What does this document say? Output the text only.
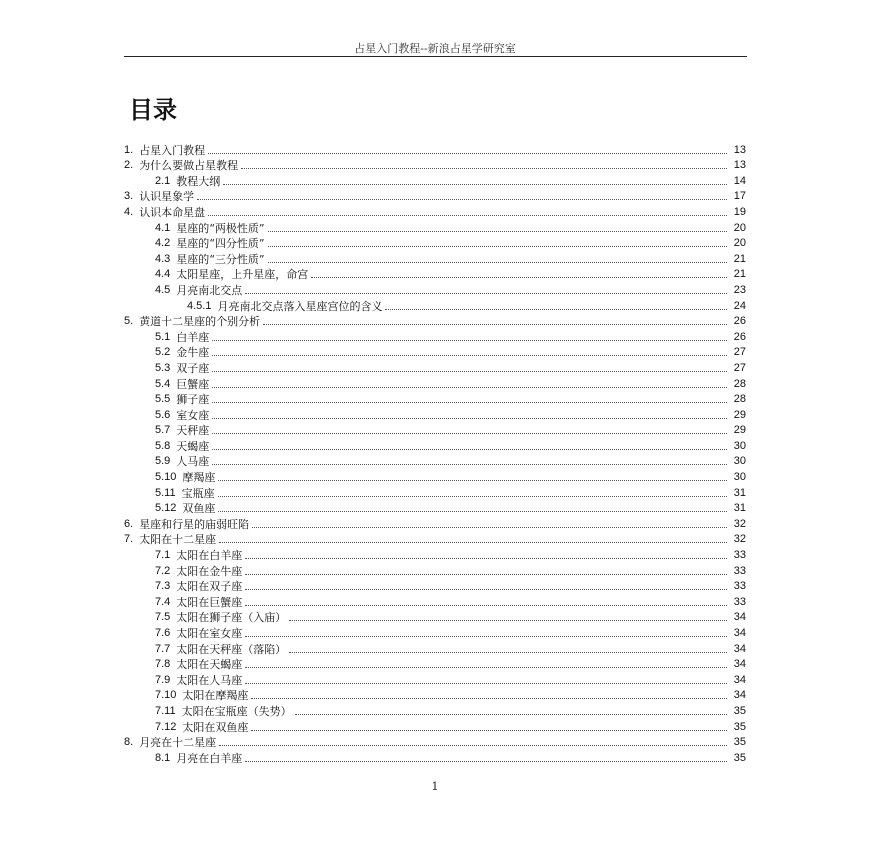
占星入门教程--新浪占星学研究室
目录
1. 占星入门教程	13
2. 为什么要做占星教程	13
2.1 教程大纲	14
3. 认识星象学	17
4. 认识本命星盘	19
4.1 星座的“两极性质”	20
4.2 星座的“四分性质”	20
4.3 星座的“三分性质”	21
4.4 太阳星座，上升星座，命宫	21
4.5 月亮南北交点	23
4.5.1 月亮南北交点落入星座宫位的含义	24
5. 黄道十二星座的个别分析	26
5.1 白羊座	26
5.2 金牛座	27
5.3 双子座	27
5.4 巨蟹座	28
5.5 狮子座	28
5.6 室女座	29
5.7 天秤座	29
5.8 天蝎座	30
5.9 人马座	30
5.10 摩羯座	30
5.11 宝瓶座	31
5.12 双鱼座	31
6. 星座和行星的庙弱旺陷	32
7. 太阳在十二星座	32
7.1 太阳在白羊座	33
7.2 太阳在金牛座	33
7.3 太阳在双子座	33
7.4 太阳在巨蟹座	33
7.5 太阳在狮子座（入庙）	34
7.6 太阳在室女座	34
7.7 太阳在天秤座（落陷）	34
7.8 太阳在天蝎座	34
7.9 太阳在人马座	34
7.10 太阳在摩羯座	34
7.11 太阳在宝瓶座（失势）	35
7.12 太阳在双鱼座	35
8. 月亮在十二星座	35
8.1 月亮在白羊座	35
1
